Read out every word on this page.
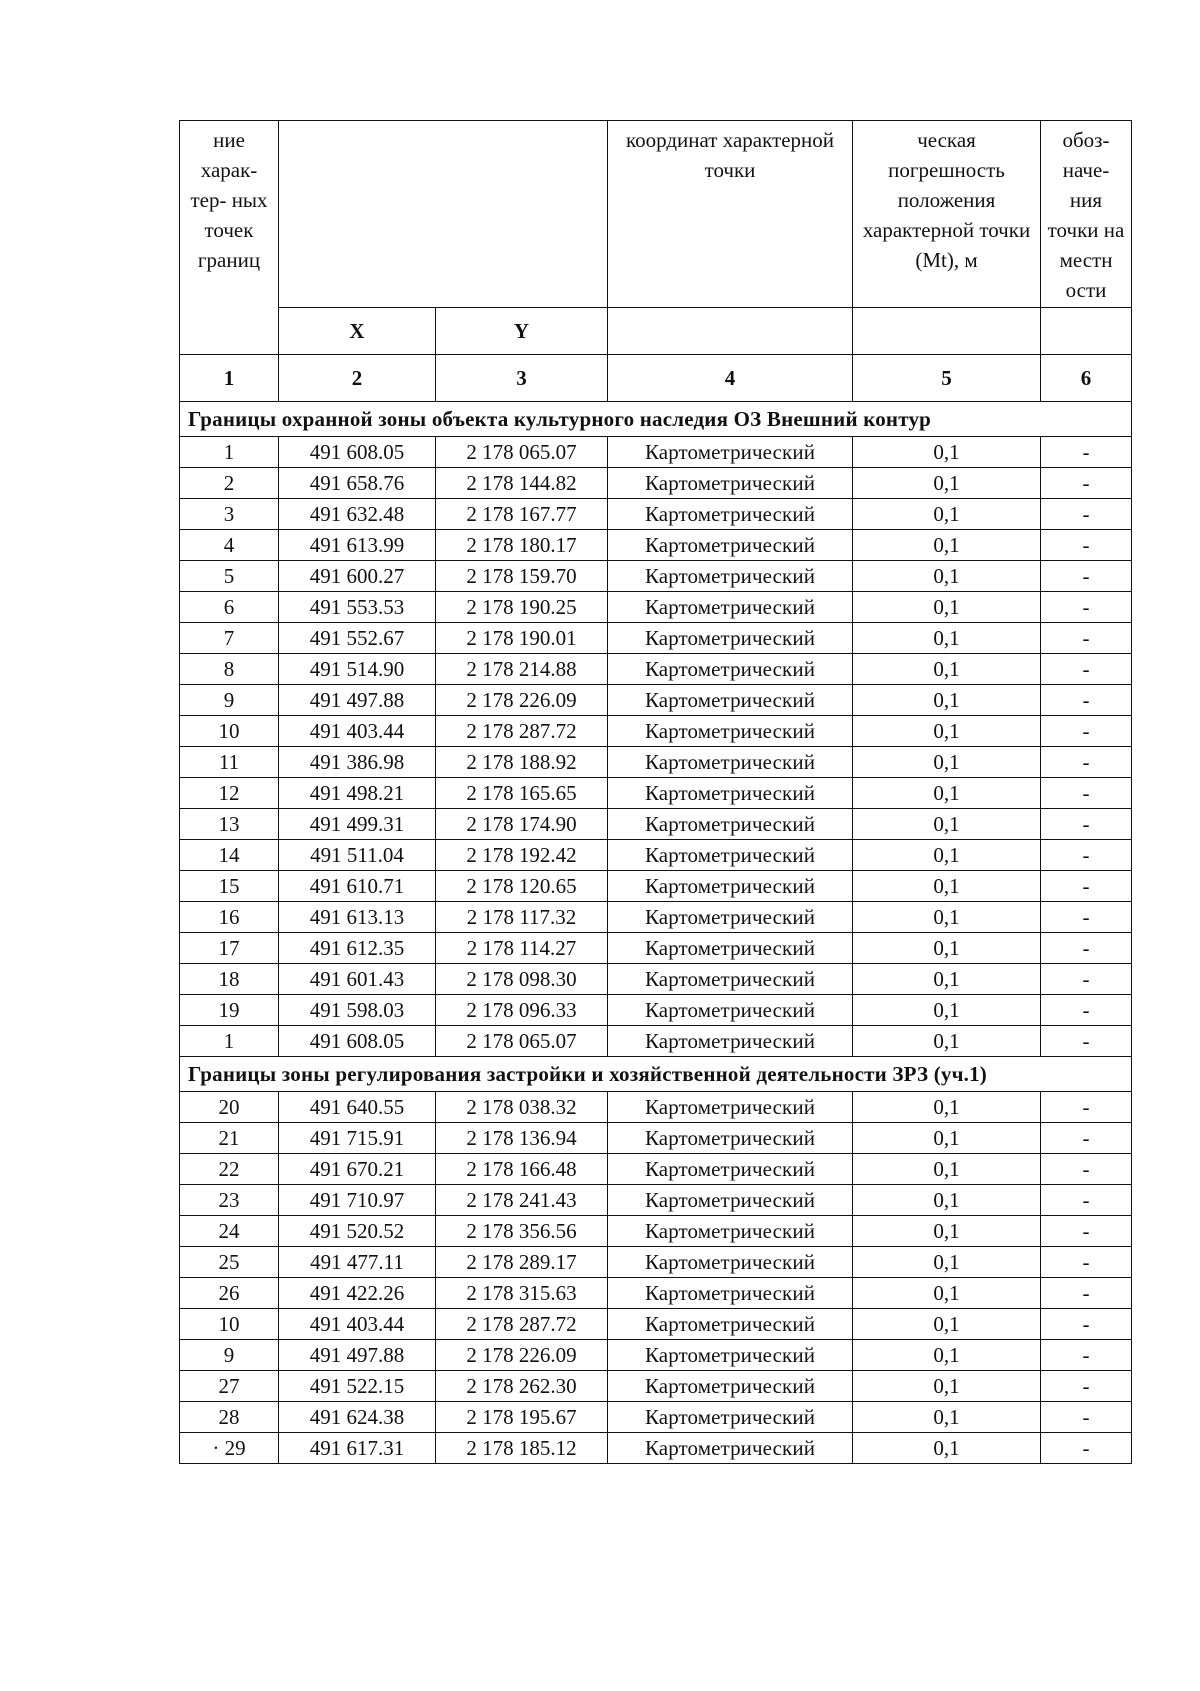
ние харак- тер- ных точек границ			координат характерной точки	ческая погрешность положения характерной точки (Mt), м	обоз- наче- ния точки на местн ости
	X	Y			
1	2	3	4	5	6
Границы охранной зоны объекта культурного наследия ОЗ Внешний контур					
1	491 608.05	2 178 065.07	Картометрический	0,1	-
2	491 658.76	2 178 144.82	Картометрический	0,1	-
3	491 632.48	2 178 167.77	Картометрический	0,1	-
4	491 613.99	2 178 180.17	Картометрический	0,1	-
5	491 600.27	2 178 159.70	Картометрический	0,1	-
6	491 553.53	2 178 190.25	Картометрический	0,1	-
7	491 552.67	2 178 190.01	Картометрический	0,1	-
8	491 514.90	2 178 214.88	Картометрический	0,1	-
9	491 497.88	2 178 226.09	Картометрический	0,1	-
10	491 403.44	2 178 287.72	Картометрический	0,1	-
11	491 386.98	2 178 188.92	Картометрический	0,1	-
12	491 498.21	2 178 165.65	Картометрический	0,1	-
13	491 499.31	2 178 174.90	Картометрический	0,1	-
14	491 511.04	2 178 192.42	Картометрический	0,1	-
15	491 610.71	2 178 120.65	Картометрический	0,1	-
16	491 613.13	2 178 117.32	Картометрический	0,1	-
17	491 612.35	2 178 114.27	Картометрический	0,1	-
18	491 601.43	2 178 098.30	Картометрический	0,1	-
19	491 598.03	2 178 096.33	Картометрический	0,1	-
1	491 608.05	2 178 065.07	Картометрический	0,1	-
Границы зоны регулирования застройки и хозяйственной деятельности ЗРЗ (уч.1)					
20	491 640.55	2 178 038.32	Картометрический	0,1	-
21	491 715.91	2 178 136.94	Картометрический	0,1	-
22	491 670.21	2 178 166.48	Картометрический	0,1	-
23	491 710.97	2 178 241.43	Картометрический	0,1	-
24	491 520.52	2 178 356.56	Картометрический	0,1	-
25	491 477.11	2 178 289.17	Картометрический	0,1	-
26	491 422.26	2 178 315.63	Картометрический	0,1	-
10	491 403.44	2 178 287.72	Картометрический	0,1	-
9	491 497.88	2 178 226.09	Картометрический	0,1	-
27	491 522.15	2 178 262.30	Картометрический	0,1	-
28	491 624.38	2 178 195.67	Картометрический	0,1	-
· 29	491 617.31	2 178 185.12	Картометрический	0,1	-
